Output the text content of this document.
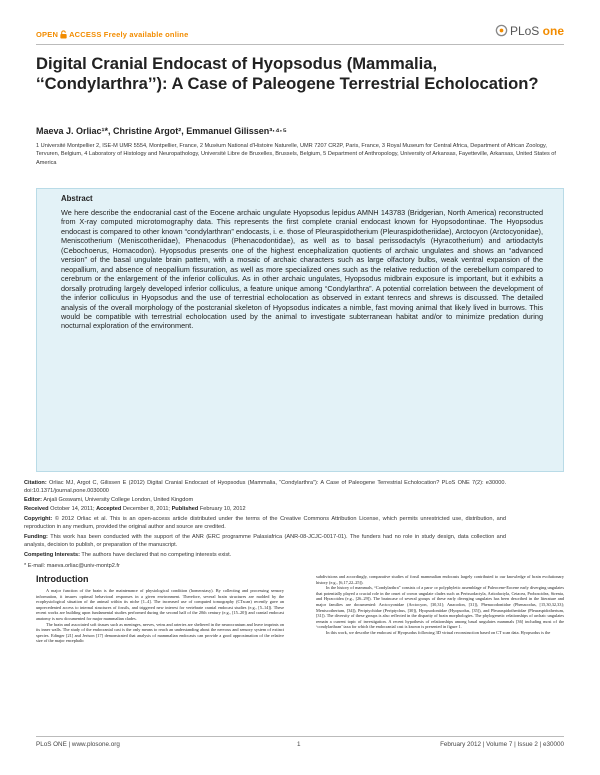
OPEN ACCESS Freely available online	PLoS one
Digital Cranial Endocast of Hyopsodus (Mammalia, ‘‘Condylarthra’’): A Case of Paleogene Terrestrial Echolocation?
Maeva J. Orliac¹*, Christine Argot², Emmanuel Gilissen³·⁴·⁵
1 Université Montpellier 2, ISE-M UMR 5554, Montpellier, France, 2 Muséum National d’Histoire Naturelle, UMR 7207 CR2P, Paris, France, 3 Royal Museum for Central Africa, Department of African Zoology, Tervuren, Belgium, 4 Laboratory of Histology and Neuropathology, Université Libre de Bruxelles, Brussels, Belgium, 5 Department of Anthropology, University of Arkansas, Fayetteville, Arkansas, United States of America
Abstract

We here describe the endocranial cast of the Eocene archaic ungulate Hyopsodus lepidus AMNH 143783 (Bridgerian, North America) reconstructed from X-ray computed microtomography data. This represents the first complete cranial endocast known for Hyopsodontinae. The Hyopsodus endocast is compared to other known “condylarthran” endocasts, i. e. those of Pleuraspidotherium (Pleuraspidotheriidae), Arctocyon (Arctocyonidae), Meniscotherium (Meniscotheriidae), Phenacodus (Phenacodontidae), as well as to basal perissodactyls (Hyracotherium) and artiodactyls (Cebochoerus, Homacodon). Hyopsodus presents one of the highest encephalization quotients of archaic ungulates and shows an “advanced version” of the basal ungulate brain pattern, with a mosaic of archaic characters such as large olfactory bulbs, weak ventral expansion of the neopallium, and absence of neopallium fissuration, as well as more specialized ones such as the relative reduction of the cerebellum compared to cerebrum or the enlargement of the inferior colliculus. As in other archaic ungulates, Hyopsodus midbrain exposure is important, but it exhibits a dorsally protruding largely developed inferior colliculus, a feature unique among “Condylarthra”. A potential correlation between the development of the inferior colliculus in Hyopsodus and the use of terrestrial echolocation as observed in extant tenrecs and shrews is discussed. The detailed analysis of the overall morphology of the postcranial skeleton of Hyopsodus indicates a nimble, fast moving animal that likely lived in burrows. This would be compatible with terrestrial echolocation used by the animal to investigate subterranean habitat and/or to minimize predation during nocturnal exploration of the environment.

Citation: Orliac MJ, Argot C, Gilissen E (2012) Digital Cranial Endocast of Hyopsodus (Mammalia, “Condylarthra”): A Case of Paleogene Terrestrial Echolocation? PLoS ONE 7(2): e30000. doi:10.1371/journal.pone.0030000
Editor: Anjali Goswami, University College London, United Kingdom
Received October 14, 2011; Accepted December 8, 2011; Published February 10, 2012
Copyright: © 2012 Orliac et al. This is an open-access article distributed under the terms of the Creative Commons Attribution License, which permits unrestricted use, distribution, and reproduction in any medium, provided the original author and source are credited.
Funding: This work has been conducted with the support of the ANR (ERC programme Palasiafrica (ANR-08-JCJC-0017-01). The funders had no role in study design, data collection and analysis, decision to publish, or preparation of the manuscript.
Competing Interests: The authors have declared that no competing interests exist.
* E-mail: maeva.orliac@univ-montp2.fr
Introduction

A major function of the brain is the maintenance of physiological condition (homeostasy). By collecting and processing sensory information, it insures optimal behavioral responses in a given environment. Therefore, several brain structures are molded by the ecophysiological situation of the animal within its niche [1–4]. The increased use of computed tomography (CTscan) recently gave an unprecedented access to internal structures of fossils, and triggered new interest for vertebrate cranial endocast studies (e.g., [5–14]). These recent works are building upon fundamental studies performed during the second half of the 20th century (e.g., [15–20]) and cranial endocast anatomy is now documented for major mammalian clades.

The brain and associated soft tissues such as meninges, nerves, veins and arteries are sheltered in the neurocranium and leave imprints on its inner walls. The study of the endocranial cast is the only means to reach an understanding about the nervous and sensory system of extinct species. Edinger [21] and Jerison [17] demonstrated that analysis of mammalian endocasts can provide a good approximation of the relative size of the major encephalic

subdivisions and accordingly, comparative studies of fossil mammalian endocasts largely contributed to our knowledge of brain evolutionary history (e.g., [6,17,22–25]).

In the history of mammals, “Condylarthra” consists of a para- or polyphyletic assemblage of Paleocene-Eocene early diverging ungulates that potentially played a crucial role in the onset of crown ungulate clades such as Perissodactyla, Artiodactyla, Cetacea, Proboscidea, Sirenia, and Hyracoidea (e.g., [26–29]). The braincase of several groups of these early diverging ungulates has been described in the literature and major families are documented: Arctocyonidae (Arctocyon, [30,31]; Anacodon, [31]), Phenacodontidae (Phenacodus, [15,30,32,33]; Meniscotherium, [34]), Periptychidae (Periptychus, [30]), Hyopsodontidae (Hyopsodus, [35]), and Pleuraspidotheriidae (Pleuraspidotherium, [31]). The diversity of these groups is also reflected in the disparity of brain morphologies. The phylogenetic relationships of archaic ungulates remain a current topic of investigation. A recent hypothesis of relationships among basal ungulates mammals [36] including most of the ‘condylarthran’ taxa for which the endocranial cast is known is presented in figure 1.

In this work, we describe the endocast of Hyopsodus following 3D virtual reconstruction based on CT scan data. Hyopsodus is the

PLoS ONE | www.plosone.org	1	February 2012 | Volume 7 | Issue 2 | e30000
